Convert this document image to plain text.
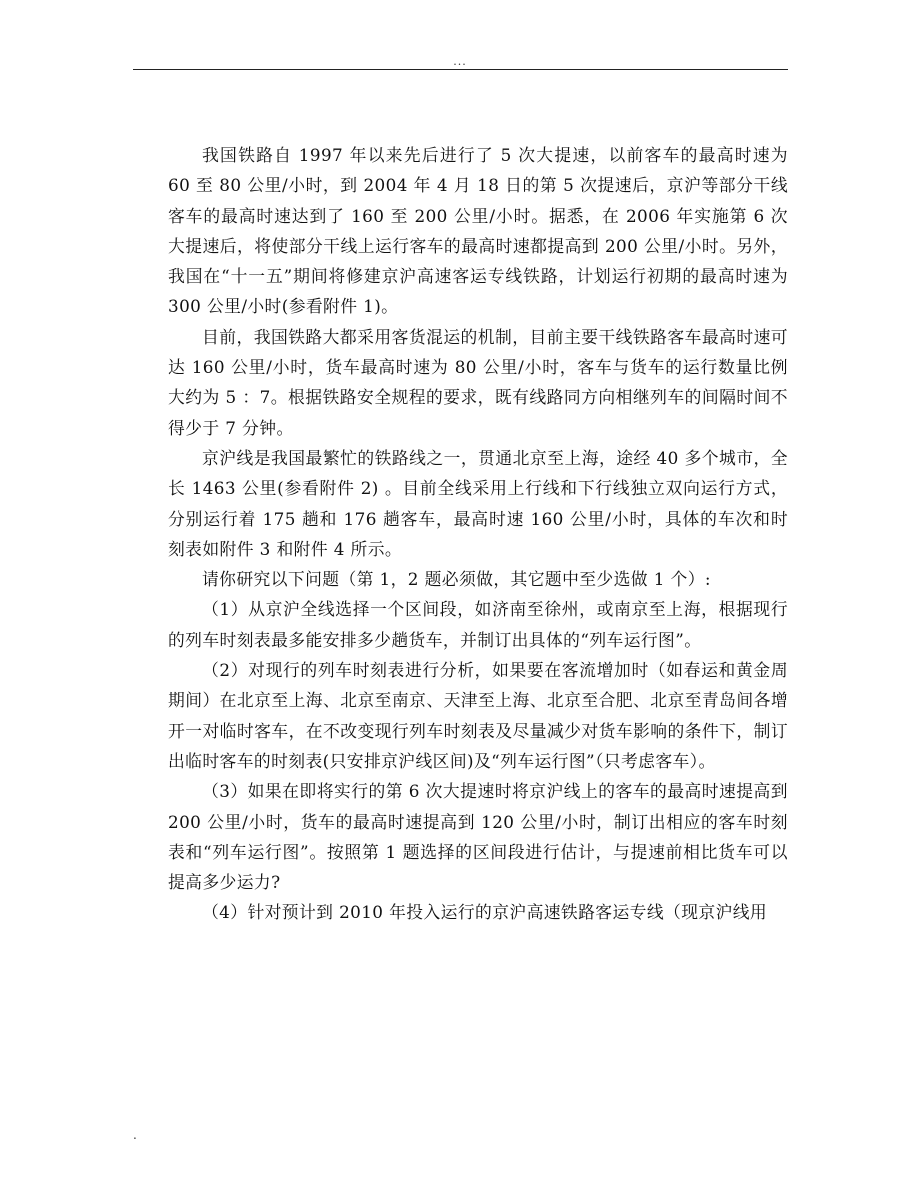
...

我国铁路自 1997 年以来先后进行了 5 次大提速，以前客车的最高时速为 60 至 80 公里/小时，到 2004 年 4 月 18 日的第 5 次提速后，京沪等部分干线客车的最高时速达到了 160 至 200 公里/小时。据悉，在 2006 年实施第 6 次大提速后，将使部分干线上运行客车的最高时速都提高到 200 公里/小时。另外，我国在“十一五”期间将修建京沪高速客运专线铁路，计划运行初期的最高时速为 300 公里/小时(参看附件 1)。

目前，我国铁路大都采用客货混运的机制，目前主要干线铁路客车最高时速可达 160 公里/小时，货车最高时速为 80 公里/小时，客车与货车的运行数量比例大约为 5 ：7。根据铁路安全规程的要求，既有线路同方向相继列车的间隔时间不得少于 7 分钟。

京沪线是我国最繁忙的铁路线之一，贯通北京至上海，途经 40 多个城市，全长 1463 公里(参看附件 2) 。目前全线采用上行线和下行线独立双向运行方式，分别运行着 175 趟和 176 趟客车，最高时速 160 公里/小时，具体的车次和时刻表如附件 3 和附件 4 所示。

请你研究以下问题（第 1，2 题必须做，其它题中至少选做 1 个）:

（1）从京沪全线选择一个区间段，如济南至徐州，或南京至上海，根据现行的列车时刻表最多能安排多少趟货车，并制订出具体的“列车运行图”。

（2）对现行的列车时刻表进行分析，如果要在客流增加时（如春运和黄金周期间）在北京至上海、北京至南京、天津至上海、北京至合肥、北京至青岛间各增开一对临时客车，在不改变现行列车时刻表及尽量减少对货车影响的条件下，制订出临时客车的时刻表(只安排京沪线区间)及“列车运行图”（只考虑客车）。

（3）如果在即将实行的第 6 次大提速时将京沪线上的客车的最高时速提高到 200 公里/小时，货车的最高时速提高到 120 公里/小时，制订出相应的客车时刻表和“列车运行图”。按照第 1 题选择的区间段进行估计，与提速前相比货车可以提高多少运力?

（4）针对预计到 2010 年投入运行的京沪高速铁路客运专线（现京沪线用

.
